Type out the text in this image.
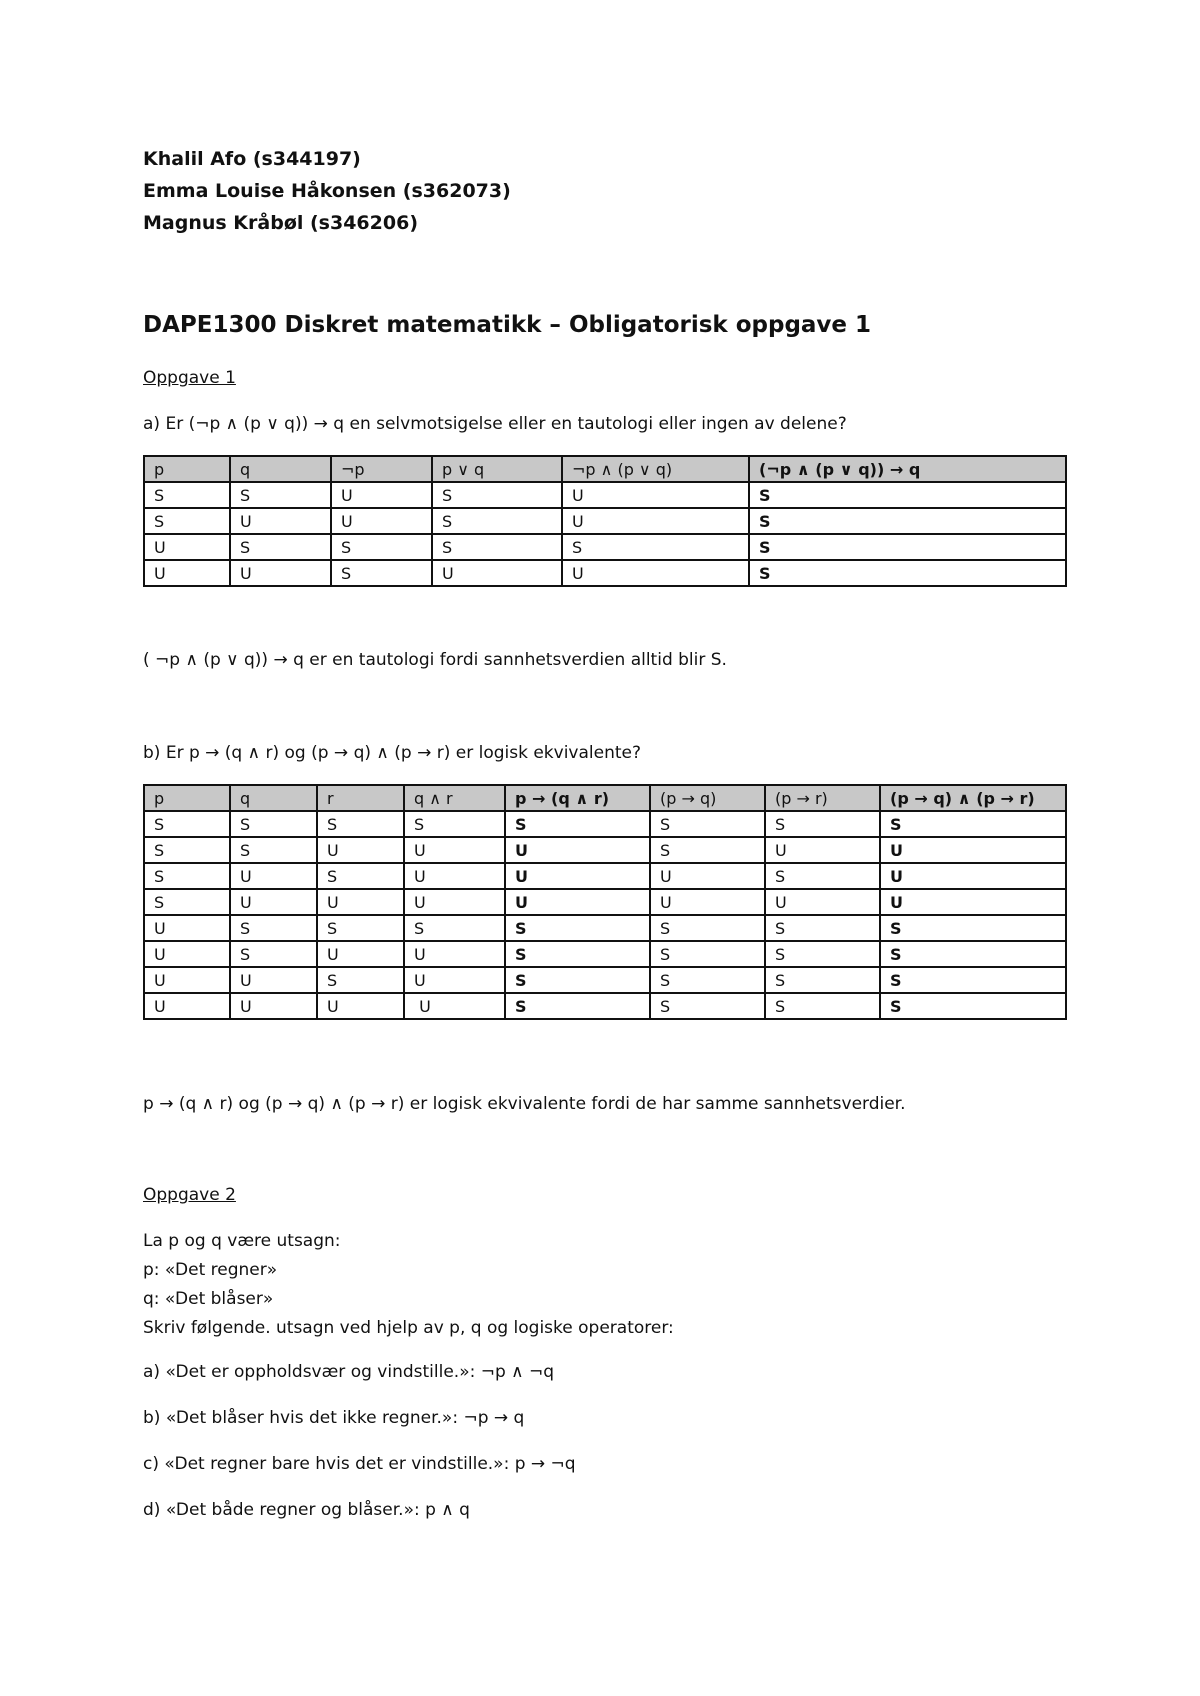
Khalil Afo (s344197)
Emma Louise Håkonsen (s362073)
Magnus Kråbøl (s346206)
DAPE1300 Diskret matematikk – Obligatorisk oppgave 1
Oppgave 1
a) Er (¬p ∧ (p ∨ q)) → q en selvmotsigelse eller en tautologi eller ingen av delene?
p	q	¬p	p ∨ q	¬p ∧ (p ∨ q)	(¬p ∧ (p ∨ q)) → q
S	S	U	S	U	S
S	U	U	S	U	S
U	S	S	S	S	S
U	U	S	U	U	S
( ¬p ∧ (p ∨ q)) → q er en tautologi fordi sannhetsverdien alltid blir S.
b) Er p → (q ∧ r) og (p → q) ∧ (p → r) er logisk ekvivalente?
p	q	r	q ∧ r	p → (q ∧ r)	(p → q)	(p → r)	(p → q) ∧ (p → r)
S	S	S	S	S	S	S	S
S	S	U	U	U	S	U	U
S	U	S	U	U	U	S	U
S	U	U	U	U	U	U	U
U	S	S	S	S	S	S	S
U	S	U	U	S	S	S	S
U	U	S	U	S	S	S	S
U	U	U	U	S	S	S	S
p → (q ∧ r) og (p → q) ∧ (p → r) er logisk ekvivalente fordi de har samme sannhetsverdier.
Oppgave 2
La p og q være utsagn:
p: «Det regner»
q: «Det blåser»
Skriv følgende. utsagn ved hjelp av p, q og logiske operatorer:
a) «Det er oppholdsvær og vindstille.»: ¬p ∧ ¬q
b) «Det blåser hvis det ikke regner.»: ¬p → q
c) «Det regner bare hvis det er vindstille.»: p → ¬q
d) «Det både regner og blåser.»: p ∧ q
